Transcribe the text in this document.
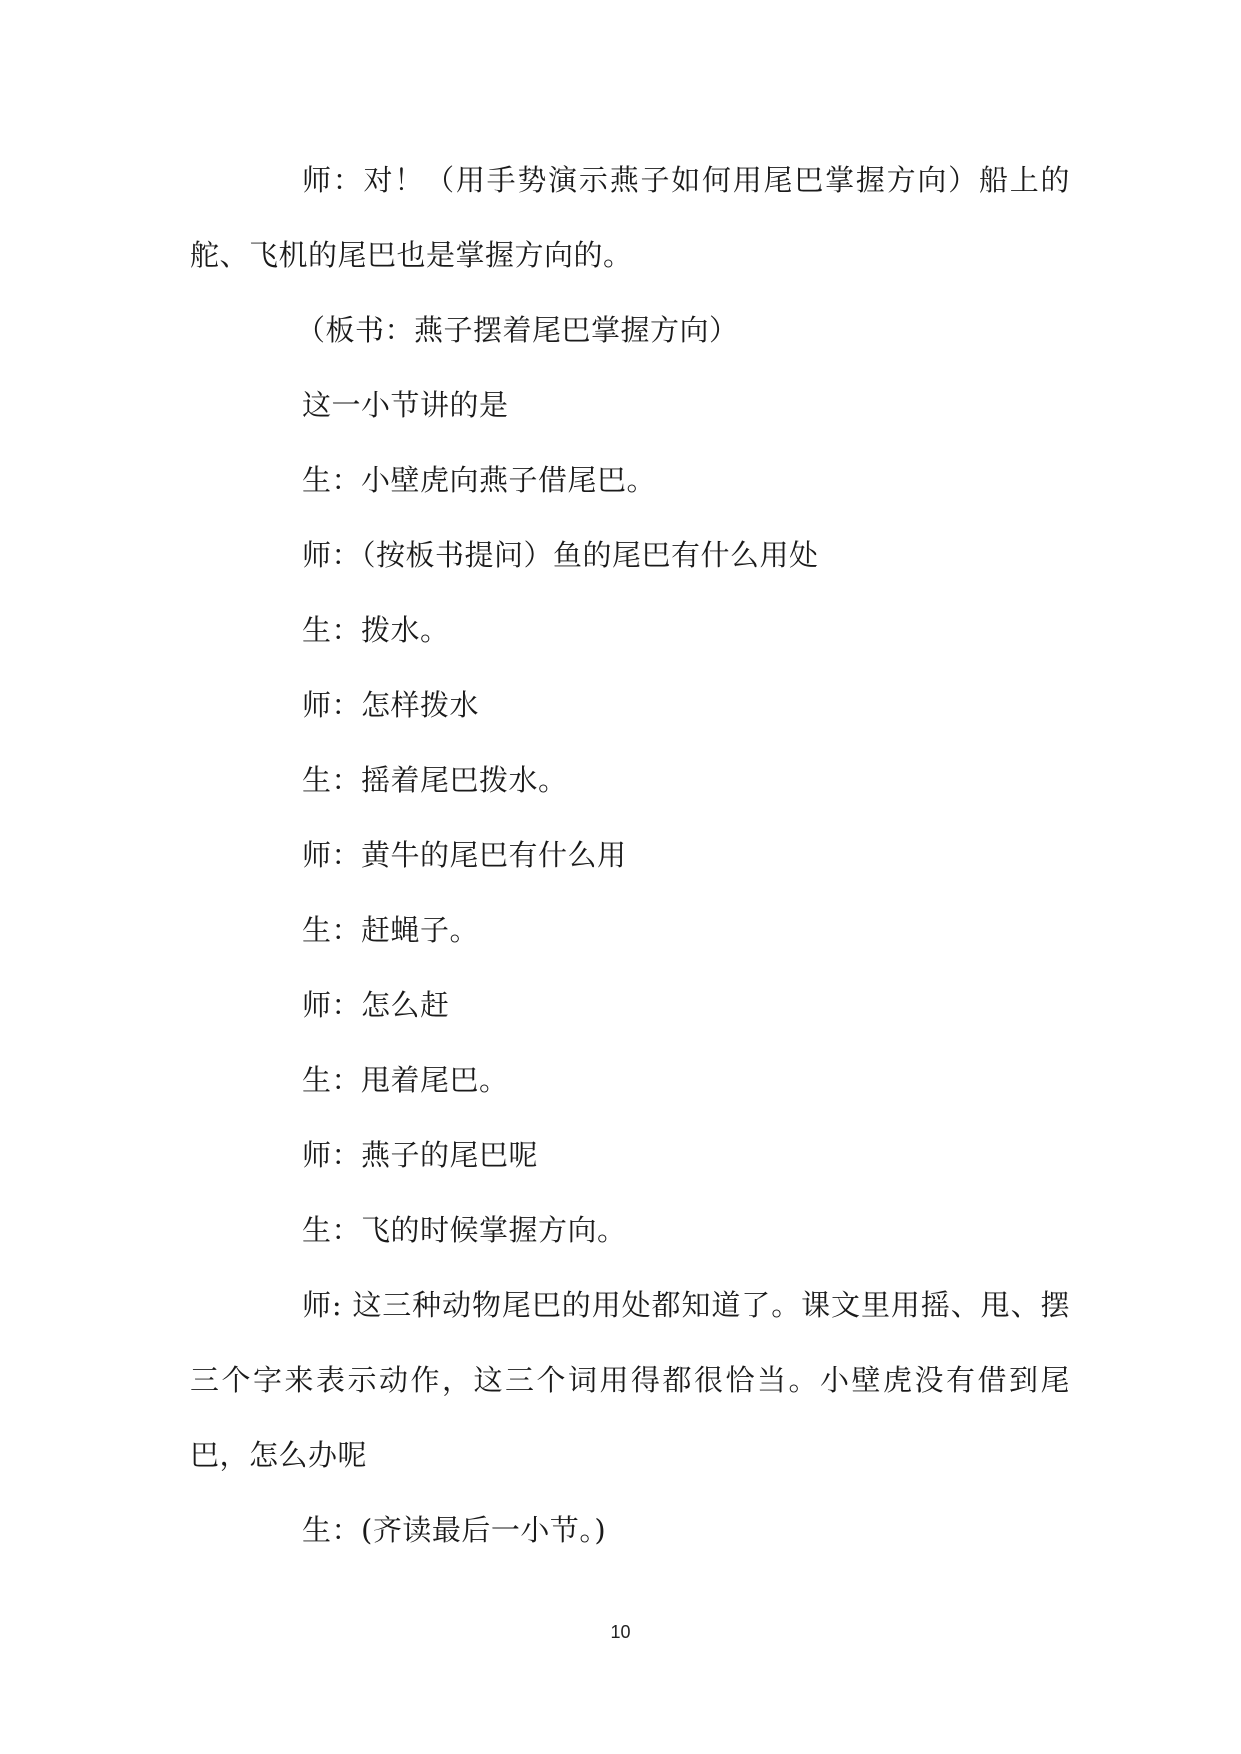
师：对！（用手势演示燕子如何用尾巴掌握方向）船上的舵、飞机的尾巴也是掌握方向的。

（板书：燕子摆着尾巴掌握方向）

这一小节讲的是

生：小壁虎向燕子借尾巴。

师：（按板书提问）鱼的尾巴有什么用处

生：拨水。

师：怎样拨水

生：摇着尾巴拨水。

师：黄牛的尾巴有什么用

生：赶蝇子。

师：怎么赶

生：甩着尾巴。

师：燕子的尾巴呢

生：飞的时候掌握方向。

师: 这三种动物尾巴的用处都知道了。课文里用摇、甩、摆三个字来表示动作，这三个词用得都很恰当。小壁虎没有借到尾巴，怎么办呢

生：(齐读最后一小节。)

10
